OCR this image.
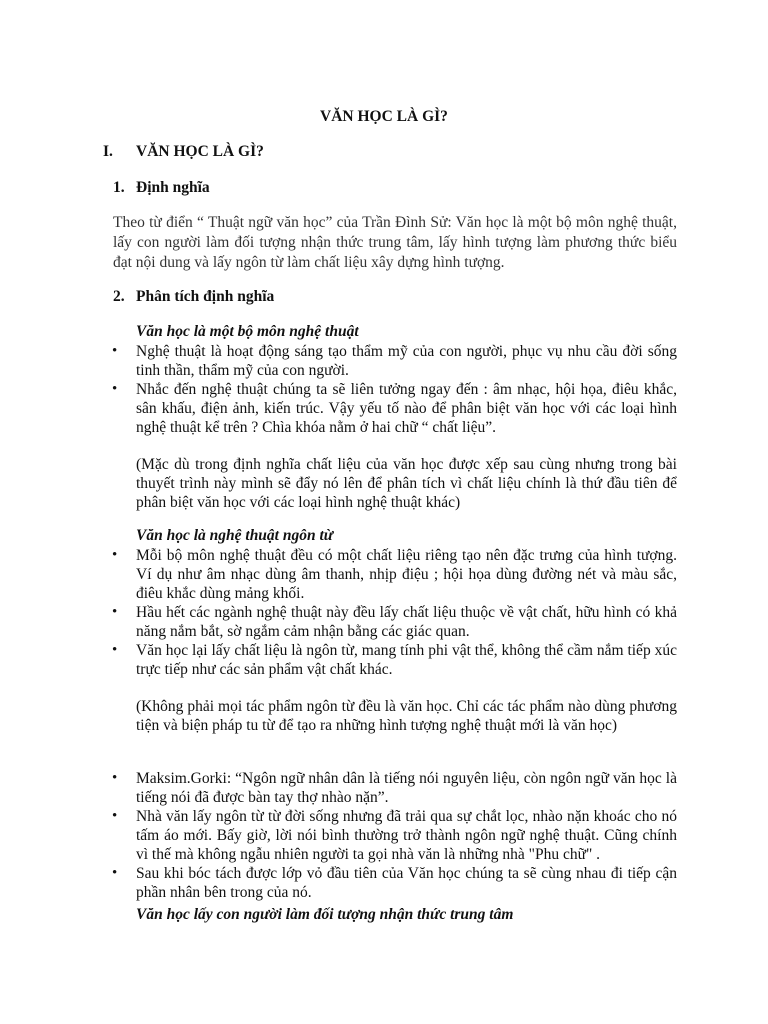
VĂN HỌC LÀ GÌ?
I. VĂN HỌC LÀ GÌ?
1. Định nghĩa
Theo từ điển “ Thuật ngữ văn học” của Trần Đình Sử: Văn học là một bộ môn nghệ thuật, lấy con người làm đối tượng nhận thức trung tâm, lấy hình tượng làm phương thức biểu đạt nội dung và lấy ngôn từ làm chất liệu xây dựng hình tượng.
2. Phân tích định nghĩa
Văn học là một bộ môn nghệ thuật
• Nghệ thuật là hoạt động sáng tạo thẩm mỹ của con người, phục vụ nhu cầu đời sống tinh thần, thẩm mỹ của con người.
• Nhắc đến nghệ thuật chúng ta sẽ liên tưởng ngay đến : âm nhạc, hội họa, điêu khắc, sân khấu, điện ảnh, kiến trúc. Vậy yếu tố nào để phân biệt văn học với các loại hình nghệ thuật kể trên ? Chìa khóa nằm ở hai chữ “ chất liệu”.
(Mặc dù trong định nghĩa chất liệu của văn học được xếp sau cùng nhưng trong bài thuyết trình này mình sẽ đẩy nó lên để phân tích vì chất liệu chính là thứ đầu tiên để phân biệt văn học với các loại hình nghệ thuật khác)
Văn học là nghệ thuật ngôn từ
• Mỗi bộ môn nghệ thuật đều có một chất liệu riêng tạo nên đặc trưng của hình tượng. Ví dụ như âm nhạc dùng âm thanh, nhịp điệu ; hội họa dùng đường nét và màu sắc, điêu khắc dùng mảng khối.
• Hầu hết các ngành nghệ thuật này đều lấy chất liệu thuộc về vật chất, hữu hình có khả năng nắm bắt, sờ ngắm cảm nhận bằng các giác quan.
• Văn học lại lấy chất liệu là ngôn từ, mang tính phi vật thể, không thể cầm nắm tiếp xúc trực tiếp như các sản phẩm vật chất khác.
(Không phải mọi tác phẩm ngôn từ đều là văn học. Chỉ các tác phẩm nào dùng phương tiện và biện pháp tu từ để tạo ra những hình tượng nghệ thuật mới là văn học)
• Maksim.Gorki: “Ngôn ngữ nhân dân là tiếng nói nguyên liệu, còn ngôn ngữ văn học là tiếng nói đã được bàn tay thợ nhào nặn”.
• Nhà văn lấy ngôn từ từ đời sống nhưng đã trải qua sự chắt lọc, nhào nặn khoác cho nó tấm áo mới. Bấy giờ, lời nói bình thường trở thành ngôn ngữ nghệ thuật. Cũng chính vì thế mà không ngẫu nhiên người ta gọi nhà văn là những nhà "Phu chữ" .
• Sau khi bóc tách được lớp vỏ đầu tiên của Văn học chúng ta sẽ cùng nhau đi tiếp cận phần nhân bên trong của nó.
Văn học lấy con người làm đối tượng nhận thức trung tâm
